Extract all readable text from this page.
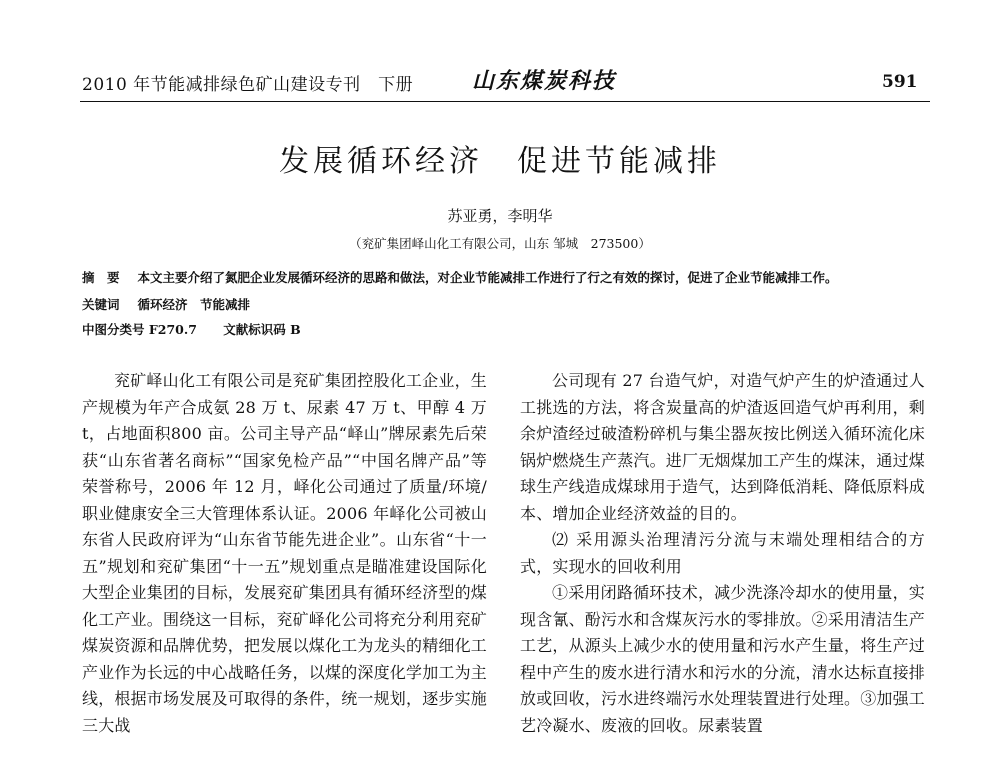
2010 年节能减排绿色矿山建设专刊　下册	山东煤炭科技	591
发展循环经济　促进节能减排
苏亚勇，李明华
（兖矿集团峄山化工有限公司，山东 邹城　273500）
摘　要 本文主要介绍了氮肥企业发展循环经济的思路和做法，对企业节能减排工作进行了行之有效的探讨，促进了企业节能减排工作。
关键词 循环经济　节能减排
中图分类号 F270.7 文献标识码 B

兖矿峄山化工有限公司是兖矿集团控股化工企业，生产规模为年产合成氨 28 万 t、尿素 47 万 t、甲醇 4 万 t，占地面积800 亩。公司主导产品“峄山”牌尿素先后荣获“山东省著名商标”“国家免检产品”“中国名牌产品”等荣誉称号，2006 年 12 月，峄化公司通过了质量/环境/职业健康安全三大管理体系认证。2006 年峄化公司被山东省人民政府评为“山东省节能先进企业”。山东省“十一五”规划和兖矿集团“十一五”规划重点是瞄准建设国际化大型企业集团的目标，发展兖矿集团具有循环经济型的煤化工产业。围绕这一目标，兖矿峄化公司将充分利用兖矿煤炭资源和品牌优势，把发展以煤化工为龙头的精细化工产业作为长远的中心战略任务，以煤的深度化学加工为主线，根据市场发展及可取得的条件，统一规划，逐步实施三大战

公司现有 27 台造气炉，对造气炉产生的炉渣通过人工挑选的方法，将含炭量高的炉渣返回造气炉再利用，剩余炉渣经过破渣粉碎机与集尘器灰按比例送入循环流化床锅炉燃烧生产蒸汽。进厂无烟煤加工产生的煤沫，通过煤球生产线造成煤球用于造气，达到降低消耗、降低原料成本、增加企业经济效益的目的。

⑵ 采用源头治理清污分流与末端处理相结合的方式，实现水的回收利用

①采用闭路循环技术，减少洗涤冷却水的使用量，实现含氰、酚污水和含煤灰污水的零排放。②采用清洁生产工艺，从源头上减少水的使用量和污水产生量，将生产过程中产生的废水进行清水和污水的分流，清水达标直接排放或回收，污水进终端污水处理装置进行处理。③加强工艺冷凝水、废液的回收。尿素装置
